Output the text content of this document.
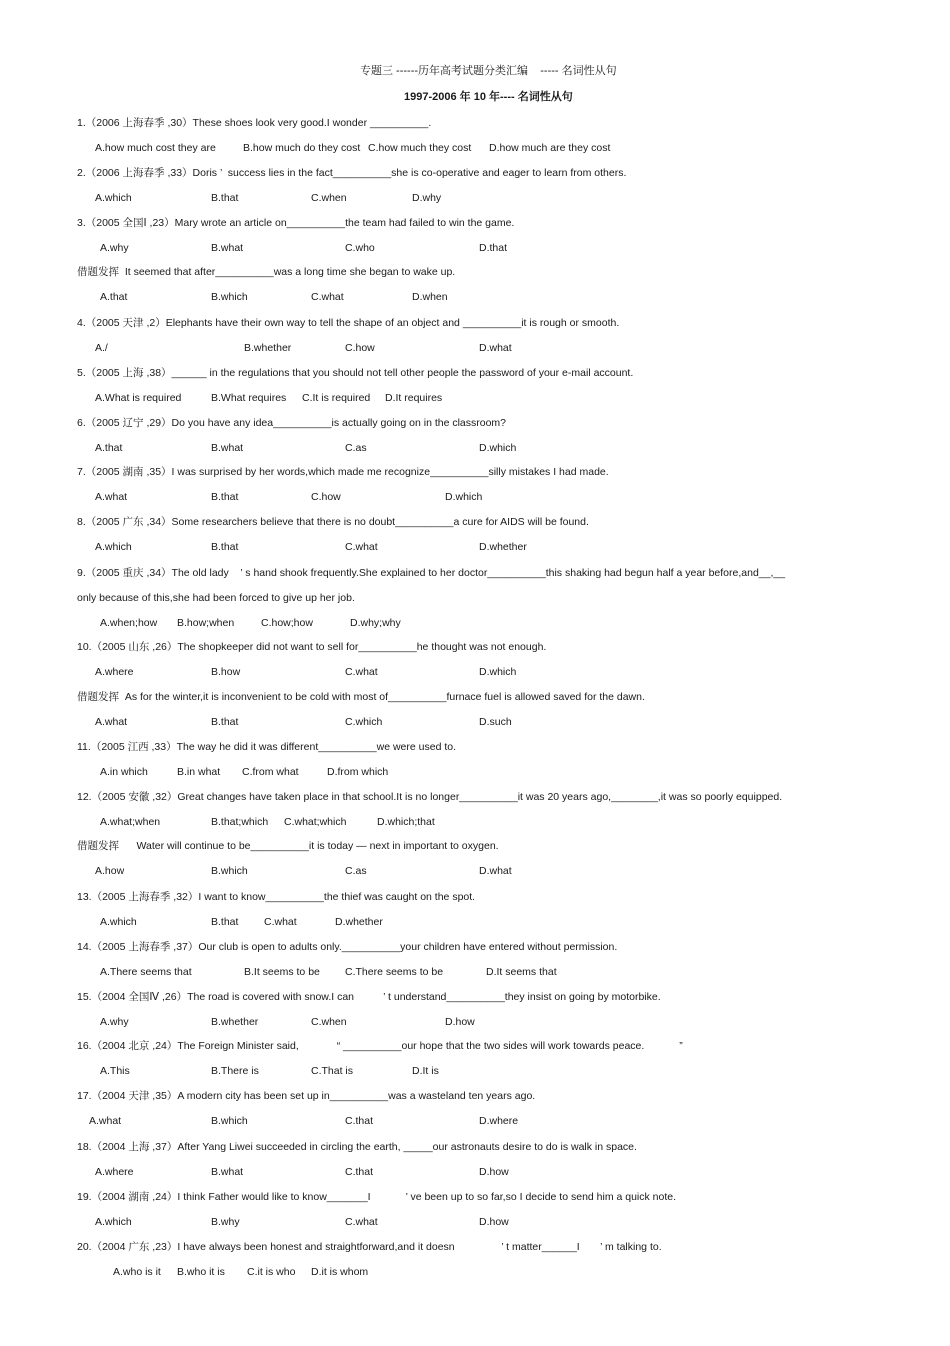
专题三 ------历年高考试题分类汇编    ----- 名词性从句
1997-2006 年 10 年---- 名词性从句
1.（2006 上海春季 ,30）These shoes look very good.I wonder __________.
A.how much cost they are	B.how much do they cost C.how much they cost D.how much are they cost
2.（2006 上海春季 ,33）Doris ’  success lies in the fact__________she is co-operative and eager to learn from others.
A.which	B.that	C.when	D.why
3.（2005 全国Ⅰ ,23）Mary wrote an article on__________the team had failed to win the game.
A.why	B.what	C.who	D.that
借题发挥  It seemed that after__________was a long time she began to wake up.
A.that	B.which	C.what	D.when
4.（2005 天津 ,2）Elephants have their own way to tell the shape of an object and __________it is rough or smooth.
A./	B.whether	C.how	D.what
5.（2005 上海 ,38）______ in the regulations that you should not tell other people the password of your e-mail account.
A.What is required	B.What requires C.It is required D.It requires
6.（2005 辽宁 ,29）Do you have any idea__________is actually going on in the classroom?
A.that	B.what	C.as	D.which
7.（2005 湖南 ,35）I was surprised by her words,which made me recognize__________silly mistakes I had made.
A.what	B.that	C.how	D.which
8.（2005 广东 ,34）Some researchers believe that there is no doubt__________a cure for AIDS will be found.
A.which	B.that	C.what	D.whether
9.（2005 重庆 ,34）The old lady    ’ s hand shook frequently.She explained to her doctor__________this shaking had begun half a year before,and__,__
only because of this,she had been forced to give up her job.
A.when;how B.how;when	C.how;how	D.why;why
10.（2005 山东 ,26）The shopkeeper did not want to sell for__________he thought was not enough.
A.where	B.how	C.what	D.which
借题发挥  As for the winter,it is inconvenient to be cold with most of__________furnace fuel is allowed saved for the dawn.
A.what	B.that	C.which	D.such
11.（2005 江西 ,33）The way he did it was different__________we were used to.
A.in which	B.in what C.from what	D.from which
12.（2005 安徽 ,32）Great changes have taken place in that school.It is no longer__________it was 20 years ago,________,it was so poorly equipped.
A.what;when	B.that;which C.what;which	D.which;that
借题发挥      Water will continue to be__________it is today — next in important to oxygen.
A.how	B.which	C.as	D.what
13.（2005 上海春季 ,32）I want to know__________the thief was caught on the spot.
A.which	B.that C.what	D.whether
14.（2005 上海春季 ,37）Our club is open to adults only.__________your children have entered without permission.
A.There seems that	B.It seems to be C.There seems to be	D.It seems that
15.（2004 全国Ⅳ ,26）The road is covered with snow.I can          ’ t understand__________they insist on going by motorbike.
A.why	B.whether	C.when	D.how
16.（2004 北京 ,24）The Foreign Minister said,             “ __________our hope that the two sides will work towards peace.            ”
A.This	B.There is	C.That is	D.It is
17.（2004 天津 ,35）A modern city has been set up in__________was a wasteland ten years ago.
A.what	B.which	C.that	D.where
18.（2004 上海 ,37）After Yang Liwei succeeded in circling the earth, _____our astronauts desire to do is walk in space.
A.where	B.what	C.that	D.how
19.（2004 湖南 ,24）I think Father would like to know_______I            ’ ve been up to so far,so I decide to send him a quick note.
A.which	B.why	C.what	D.how
20.（2004 广东 ,23）I have always been honest and straightforward,and it doesn                ’ t matter______I       ’ m talking to.
A.who is it B.who it is C.it is who D.it is whom
